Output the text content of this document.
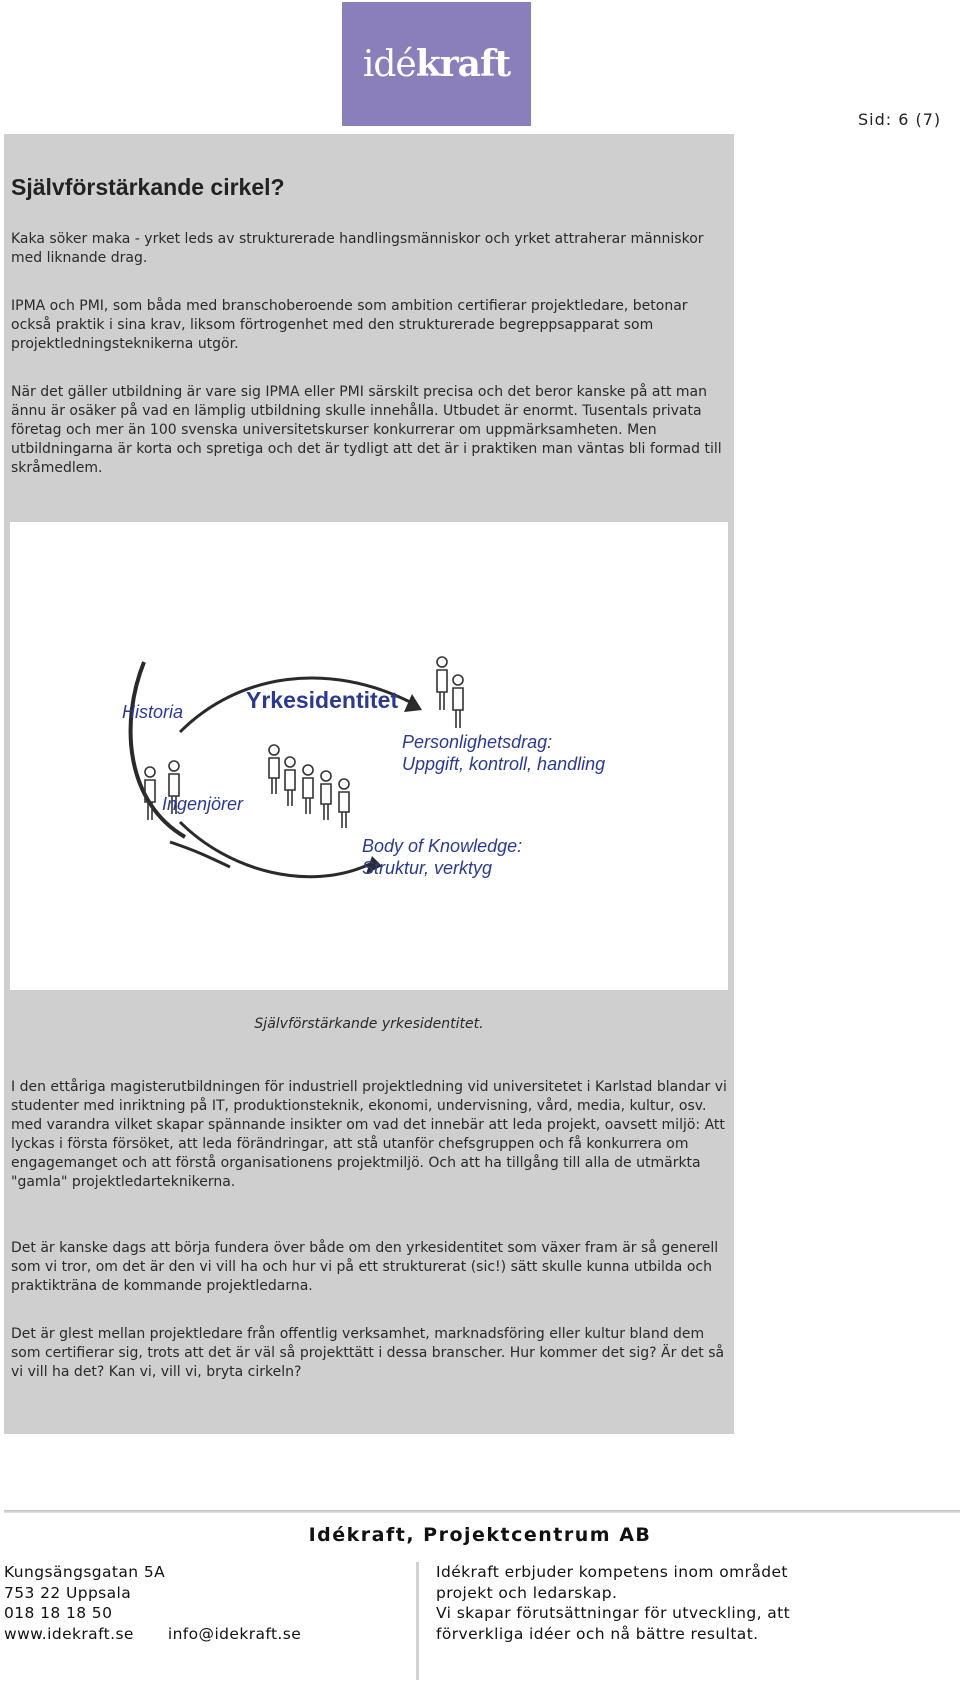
idékraft
Sid: 6 (7)
Självförstärkande cirkel?

Kaka söker maka - yrket leds av strukturerade handlingsmänniskor och yrket attraherar människor med liknande drag.

IPMA och PMI, som båda med branschoberoende som ambition certifierar projektledare, betonar också praktik i sina krav, liksom förtrogenhet med den strukturerade begreppsapparat som projektledningsteknikerna utgör.

När det gäller utbildning är vare sig IPMA eller PMI särskilt precisa och det beror kanske på att man ännu är osäker på vad en lämplig utbildning skulle innehålla. Utbudet är enormt. Tusentals privata företag och mer än 100 svenska universitetskurser konkurrerar om uppmärksamheten. Men utbildningarna är korta och spretiga och det är tydligt att det är i praktiken man väntas bli formad till skråmedlem.

Historia	Yrkesidentitet
Personlighetsdrag:
Uppgift, kontroll, handling
Ingenjörer
Body of Knowledge:
Struktur, verktyg

Självförstärkande yrkesidentitet.

I den ettåriga magisterutbildningen för industriell projektledning vid universitetet i Karlstad blandar vi studenter med inriktning på IT, produktionsteknik, ekonomi, undervisning, vård, media, kultur, osv. med varandra vilket skapar spännande insikter om vad det innebär att leda projekt, oavsett miljö: Att lyckas i första försöket, att leda förändringar, att stå utanför chefsgruppen och få konkurrera om engagemanget och att förstå organisationens projektmiljö. Och att ha tillgång till alla de utmärkta "gamla" projektledarteknikerna.

Det är kanske dags att börja fundera över både om den yrkesidentitet som växer fram är så generell som vi tror, om det är den vi vill ha och hur vi på ett strukturerat (sic!) sätt skulle kunna utbilda och praktikträna de kommande projektledarna.

Det är glest mellan projektledare från offentlig verksamhet, marknadsföring eller kultur bland dem som certifierar sig, trots att det är väl så projekttätt i dessa branscher. Hur kommer det sig? Är det så vi vill ha det? Kan vi, vill vi, bryta cirkeln?

Idékraft, Projektcentrum AB
Kungsängsgatan 5A
753 22 Uppsala
018 18 18 50
www.idekraft.se info@idekraft.se
Idékraft erbjuder kompetens inom området
projekt och ledarskap.
Vi skapar förutsättningar för utveckling, att
förverkliga idéer och nå bättre resultat.
